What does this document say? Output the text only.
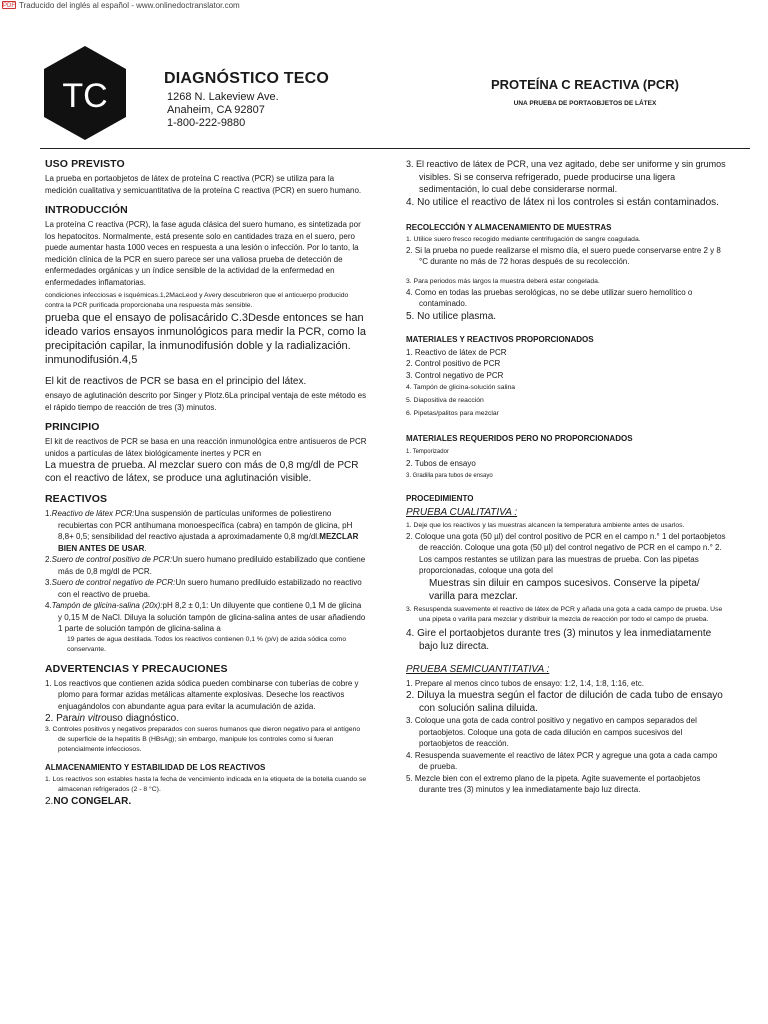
PDF Traducido del inglés al español - www.onlinedoctranslator.com
TC	DIAGNÓSTICO TECO
1268 N. Lakeview Ave.
Anaheim, CA 92807
1-800-222-9880
PROTEÍNA C REACTIVA (PCR)
UNA PRUEBA DE PORTAOBJETOS DE LÁTEX
USO PREVISTO

La prueba en portaobjetos de látex de proteína C reactiva (PCR) se utiliza para la medición cualitativa y semicuantitativa de la proteína C reactiva (PCR) en suero humano.

INTRODUCCIÓN

La proteína C reactiva (PCR), la fase aguda clásica del suero humano, es sintetizada por los hepatocitos. Normalmente, está presente solo en cantidades traza en el suero, pero puede aumentar hasta 1000 veces en respuesta a una lesión o infección. Por lo tanto, la medición clínica de la PCR en suero parece ser una valiosa prueba de detección de enfermedades orgánicas y un índice sensible de la actividad de la enfermedad en enfermedades inflamatorias.

condiciones infecciosas e isquémicas.1,2MacLeod y Avery descubrieron que el anticuerpo producido contra la PCR purificada proporcionaba una respuesta más sensible.

prueba que el ensayo de polisacárido C.3Desde entonces se han ideado varios ensayos inmunológicos para medir la PCR, como la precipitación capilar, la inmunodifusión doble y la radialización. inmunodifusión.4,5

El kit de reactivos de PCR se basa en el principio del látex.

ensayo de aglutinación descrito por Singer y Plotz.6La principal ventaja de este método es el rápido tiempo de reacción de tres (3) minutos.

PRINCIPIO

El kit de reactivos de PCR se basa en una reacción inmunológica entre antisueros de PCR unidos a partículas de látex biológicamente inertes y PCR en

La muestra de prueba. Al mezclar suero con más de 0,8 mg/dl de PCR con el reactivo de látex, se produce una aglutinación visible.

REACTIVOS

1.Reactivo de látex PCR:Una suspensión de partículas uniformes de poliestireno recubiertas con PCR antihumana monoespecífica (cabra) en tampón de glicina, pH 8,8+ 0,5; sensibilidad del reactivo ajustada a aproximadamente 0,8 mg/dl.MEZCLAR BIEN ANTES DE USAR.

2.Suero de control positivo de PCR:Un suero humano prediluido estabilizado que contiene más de 0,8 mg/dl de PCR.

3.Suero de control negativo de PCR:Un suero humano prediluido estabilizado no reactivo con el reactivo de prueba.

4.Tampón de glicina-salina (20x):pH 8,2 ± 0,1: Un diluyente que contiene 0,1 M de glicina y 0,15 M de NaCl. Diluya la solución tampón de glicina-salina antes de usar añadiendo 1 parte de solución tampón de glicina-salina a

19 partes de agua destilada. Todos los reactivos contienen 0,1 % (p/v) de azida sódica como conservante.

ADVERTENCIAS Y PRECAUCIONES

1. Los reactivos que contienen azida sódica pueden combinarse con tuberías de cobre y plomo para formar azidas metálicas altamente explosivas. Deseche los reactivos enjuagándolos con abundante agua para evitar la acumulación de azida.

2. Parain vitrouso diagnóstico.

3. Controles positivos y negativos preparados con sueros humanos que dieron negativo para el antígeno de superficie de la hepatitis B (HBsAg); sin embargo, manipule los controles como si fueran potencialmente infecciosos.

ALMACENAMIENTO Y ESTABILIDAD DE LOS REACTIVOS

1. Los reactivos son estables hasta la fecha de vencimiento indicada en la etiqueta de la botella cuando se almacenan refrigerados (2 - 8 °C).

2.NO CONGELAR.

3. El reactivo de látex de PCR, una vez agitado, debe ser uniforme y sin grumos visibles. Si se conserva refrigerado, puede producirse una ligera sedimentación, lo cual debe considerarse normal.

4. No utilice el reactivo de látex ni los controles si están contaminados.

RECOLECCIÓN Y ALMACENAMIENTO DE MUESTRAS

1. Utilice suero fresco recogido mediante centrifugación de sangre coagulada.

2. Si la prueba no puede realizarse el mismo día, el suero puede conservarse entre 2 y 8 °C durante no más de 72 horas después de su recolección.

3. Para periodos más largos la muestra deberá estar congelada.

4. Como en todas las pruebas serológicas, no se debe utilizar suero hemolítico o contaminado.

5. No utilice plasma.

MATERIALES Y REACTIVOS PROPORCIONADOS

1. Reactivo de látex de PCR

2. Control positivo de PCR

3. Control negativo de PCR

4. Tampón de glicina-solución salina

5. Diapositiva de reacción

6. Pipetas/palitos para mezclar

MATERIALES REQUERIDOS PERO NO PROPORCIONADOS

1. Temporizador

2. Tubos de ensayo

3. Gradilla para tubos de ensayo

PROCEDIMIENTO

PRUEBA CUALITATIVA :

1. Deje que los reactivos y las muestras alcancen la temperatura ambiente antes de usarlos.

2. Coloque una gota (50 µl) del control positivo de PCR en el campo n.° 1 del portaobjetos de reacción. Coloque una gota (50 µl) del control negativo de PCR en el campo n.° 2. Los campos restantes se utilizan para las muestras de prueba. Con las pipetas proporcionadas, coloque una gota del

Muestras sin diluir en campos sucesivos. Conserve la pipeta/ varilla para mezclar.

3. Resuspenda suavemente el reactivo de látex de PCR y añada una gota a cada campo de prueba. Use una pipeta o varilla para mezclar y distribuir la mezcla de reacción por todo el campo de prueba.

4. Gire el portaobjetos durante tres (3) minutos y lea inmediatamente bajo luz directa.

PRUEBA SEMICUANTITATIVA :

1. Prepare al menos cinco tubos de ensayo: 1:2, 1:4, 1:8, 1:16, etc.

2. Diluya la muestra según el factor de dilución de cada tubo de ensayo con solución salina diluida.

3. Coloque una gota de cada control positivo y negativo en campos separados del portaobjetos. Coloque una gota de cada dilución en campos sucesivos del portaobjetos de reacción.

4. Resuspenda suavemente el reactivo de látex PCR y agregue una gota a cada campo de prueba.

5. Mezcle bien con el extremo plano de la pipeta. Agite suavemente el portaobjetos durante tres (3) minutos y lea inmediatamente bajo luz directa.
